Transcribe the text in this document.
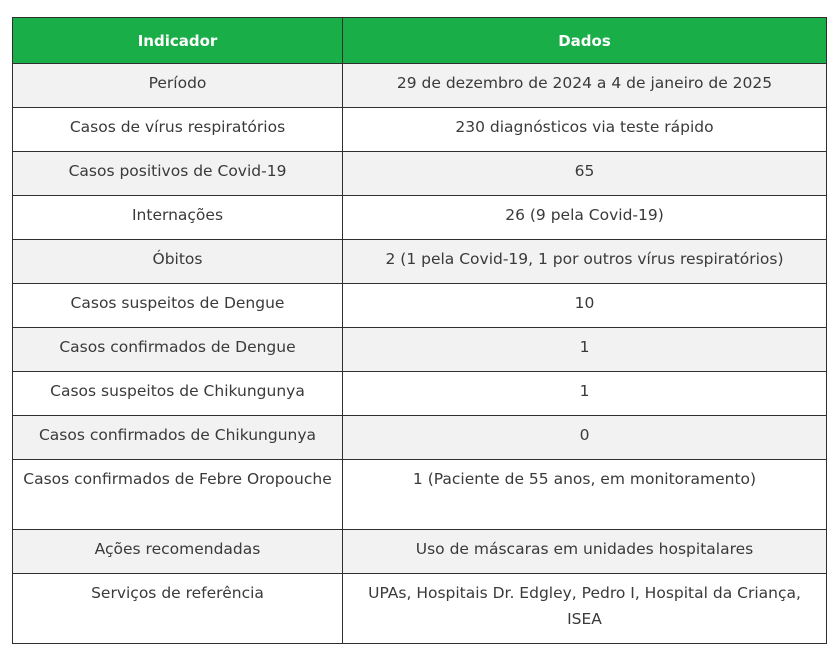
Indicador	Dados

Período	29 de dezembro de 2024 a 4 de janeiro de 2025

Casos de vírus respiratórios	230 diagnósticos via teste rápido

Casos positivos de Covid-19	65

Internações	26 (9 pela Covid-19)

Óbitos	2 (1 pela Covid-19, 1 por outros vírus respiratórios)

Casos suspeitos de Dengue	10

Casos confirmados de Dengue	1

Casos suspeitos de Chikungunya	1

Casos confirmados de Chikungunya	0

Casos confirmados de Febre Oropouche	1 (Paciente de 55 anos, em monitoramento)

Ações recomendadas	Uso de máscaras em unidades hospitalares

Serviços de referência	UPAs, Hospitais Dr. Edgley, Pedro I, Hospital da Criança, ISEA
